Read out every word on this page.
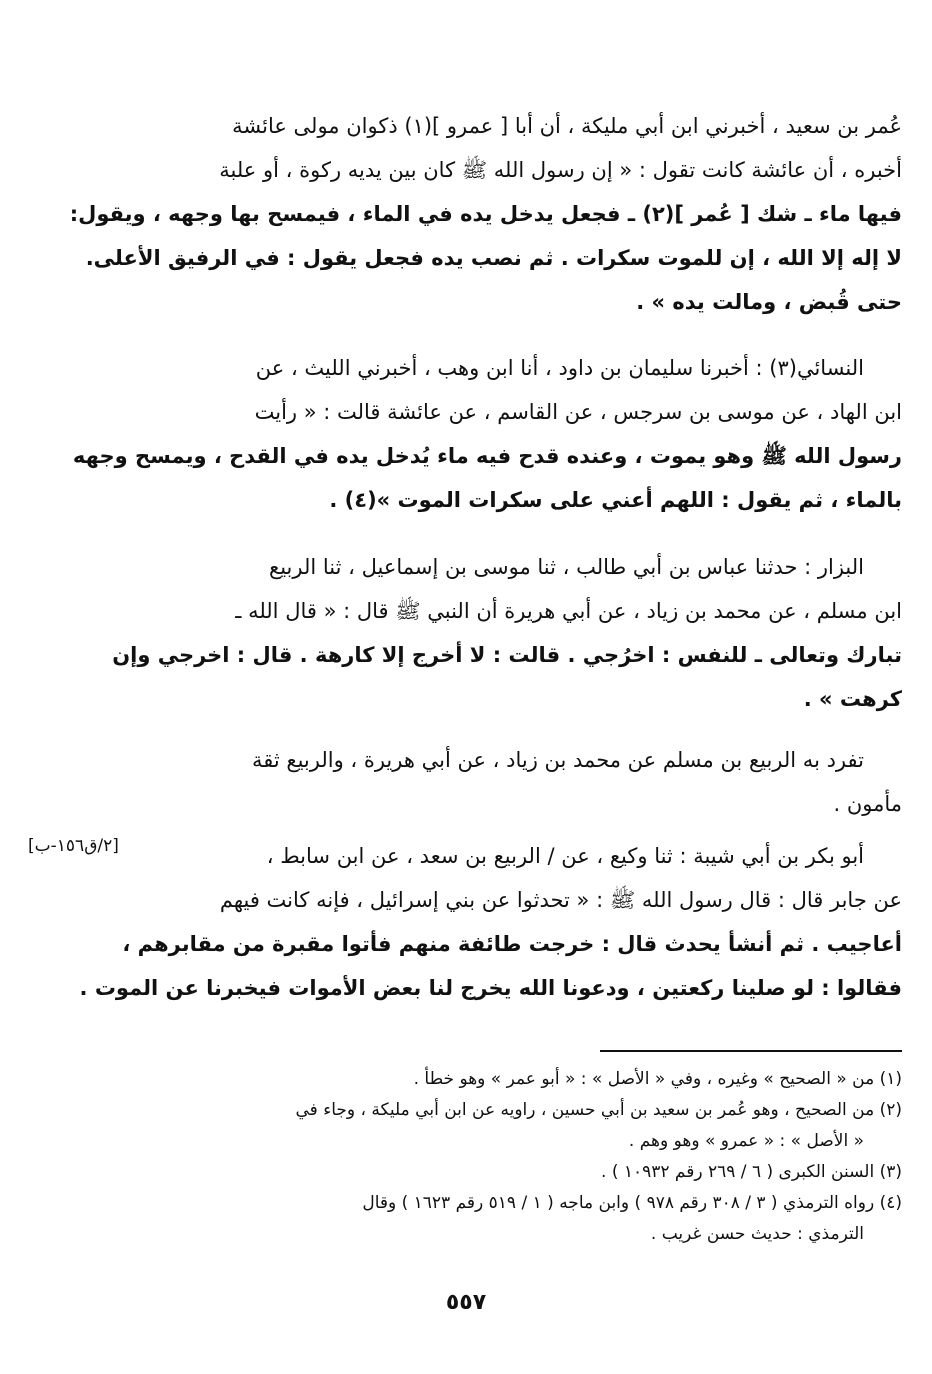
عُمر بن سعيد ، أخبرني ابن أبي مليكة ، أن أبا [ عمرو ](١) ذكوان مولى عائشة
أخبره ، أن عائشة كانت تقول : « إن رسول الله ﷺ كان بين يديه ركوة ، أو علبة
فيها ماء ـ شك [ عُمر ](٢) ـ فجعل يدخل يده في الماء ، فيمسح بها وجهه ، ويقول:
لا إله إلا الله ، إن للموت سكرات . ثم نصب يده فجعل يقول : في الرفيق الأعلى.
حتى قُبض ، ومالت يده » .
النسائي(٣) : أخبرنا سليمان بن داود ، أنا ابن وهب ، أخبرني الليث ، عن
ابن الهاد ، عن موسى بن سرجس ، عن القاسم ، عن عائشة قالت : « رأيت
رسول الله ﷺ وهو يموت ، وعنده قدح فيه ماء يُدخل يده في القدح ، ويمسح وجهه
بالماء ، ثم يقول : اللهم أعني على سكرات الموت »(٤) .
البزار : حدثنا عباس بن أبي طالب ، ثنا موسى بن إسماعيل ، ثنا الربيع
ابن مسلم ، عن محمد بن زياد ، عن أبي هريرة أن النبي ﷺ قال : « قال الله ـ
تبارك وتعالى ـ للنفس : اخرُجي . قالت : لا أخرج إلا كارهة . قال : اخرجي وإن
كرهت » .
تفرد به الربيع بن مسلم عن محمد بن زياد ، عن أبي هريرة ، والربيع ثقة
مأمون .
أبو بكر بن أبي شيبة : ثنا وكيع ، عن / الربيع بن سعد ، عن ابن سابط ،
عن جابر قال : قال رسول الله ﷺ : « تحدثوا عن بني إسرائيل ، فإنه كانت فيهم
أعاجيب . ثم أنشأ يحدث قال : خرجت طائفة منهم فأتوا مقبرة من مقابرهم ،
فقالوا : لو صلينا ركعتين ، ودعونا الله يخرج لنا بعض الأموات فيخبرنا عن الموت .
[٢/ق١٥٦-ب]
(١) من « الصحيح » وغيره ، وفي « الأصل » : « أبو عمر » وهو خطأ .
(٢) من الصحيح ، وهو عُمر بن سعيد بن أبي حسين ، راويه عن ابن أبي مليكة ، وجاء في
« الأصل » : « عمرو » وهو وهم .
(٣) السنن الكبرى ( ٦ / ٢٦٩ رقم ١٠٩٣٢ ) .
(٤) رواه الترمذي ( ٣ / ٣٠٨ رقم ٩٧٨ ) وابن ماجه ( ١ / ٥١٩ رقم ١٦٢٣ ) وقال
الترمذي : حديث حسن غريب .
٥٥٧
